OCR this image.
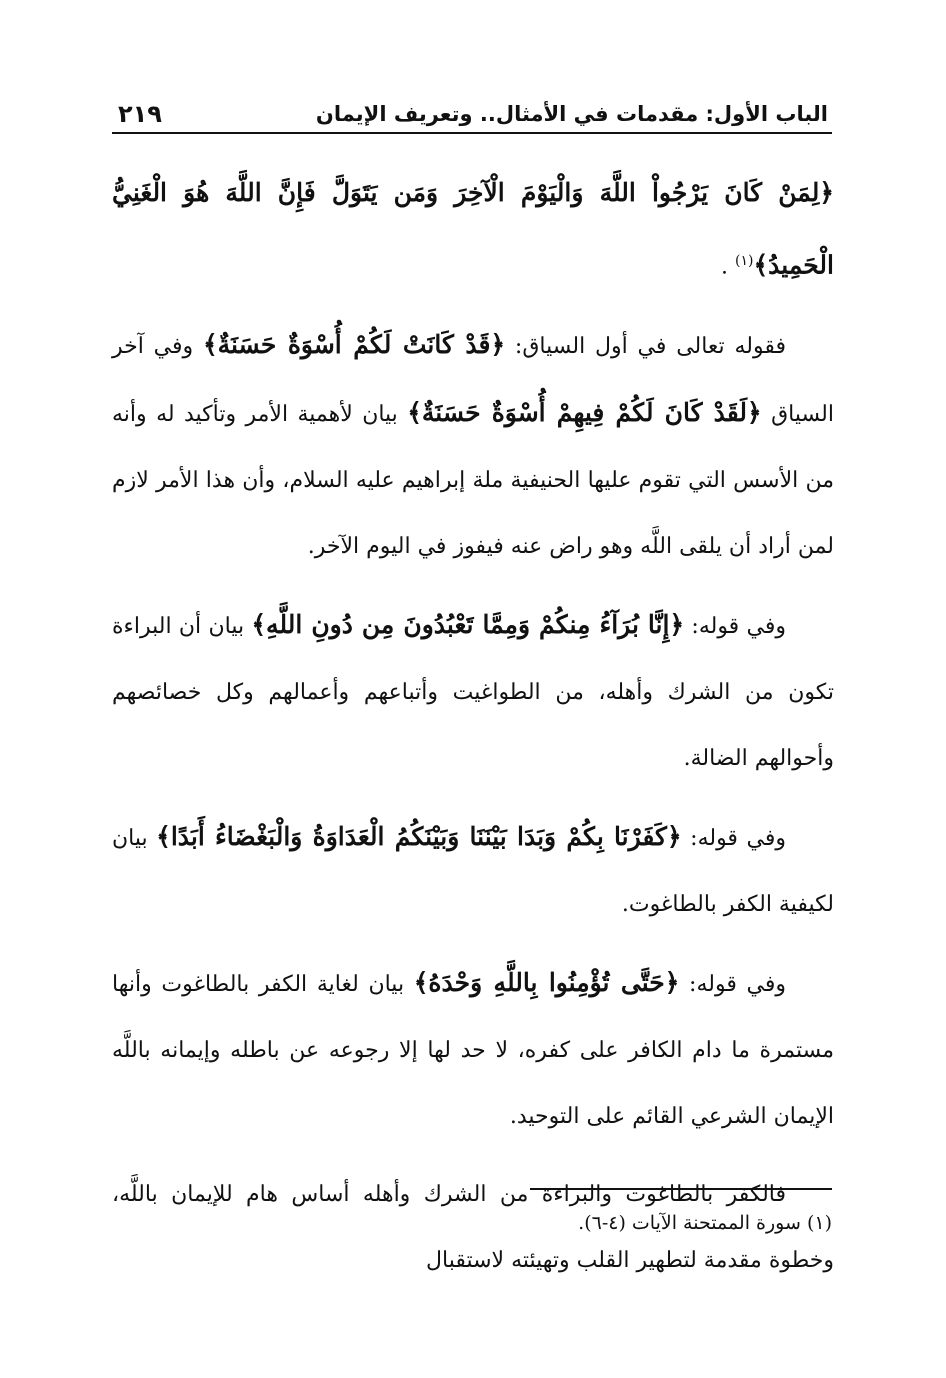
الباب الأول: مقدمات في الأمثال.. وتعريف الإيمان
٢١٩

﴿لِمَنْ كَانَ يَرْجُواْ اللَّهَ وَالْيَوْمَ الْآخِرَ وَمَن يَتَوَلَّ فَإِنَّ اللَّهَ هُوَ الْغَنِيُّ الْحَمِيدُ﴾$^{(١)}$ .

فقوله تعالى في أول السياق: ﴿قَدْ كَانَتْ لَكُمْ أُسْوَةٌ حَسَنَةٌ﴾ وفي آخر السياق ﴿لَقَدْ كَانَ لَكُمْ فِيهِمْ أُسْوَةٌ حَسَنَةٌ﴾ بيان لأهمية الأمر وتأكيد له وأنه من الأسس التي تقوم عليها الحنيفية ملة إبراهيم عليه السلام، وأن هذا الأمر لازم لمن أراد أن يلقى اللَّه وهو راض عنه فيفوز في اليوم الآخر.

وفي قوله: ﴿إِنَّا بُرَآءُ مِنكُمْ وَمِمَّا تَعْبُدُونَ مِن دُونِ اللَّهِ﴾ بيان أن البراءة تكون من الشرك وأهله، من الطواغيت وأتباعهم وأعمالهم وكل خصائصهم وأحوالهم الضالة.

وفي قوله: ﴿كَفَرْنَا بِكُمْ وَبَدَا بَيْنَنَا وَبَيْنَكُمُ الْعَدَاوَةُ وَالْبَغْضَاءُ أَبَدًا﴾ بيان لكيفية الكفر بالطاغوت.

وفي قوله: ﴿حَتَّى تُؤْمِنُوا بِاللَّهِ وَحْدَهُ﴾ بيان لغاية الكفر بالطاغوت وأنها مستمرة ما دام الكافر على كفره، لا حد لها إلا رجوعه عن باطله وإيمانه باللَّه الإيمان الشرعي القائم على التوحيد.

فالكفر بالطاغوت والبراءة من الشرك وأهله أساس هام للإيمان باللَّه، وخطوة مقدمة لتطهير القلب وتهيئته لاستقبال

(١) سورة الممتحنة الآيات (٤-٦).
